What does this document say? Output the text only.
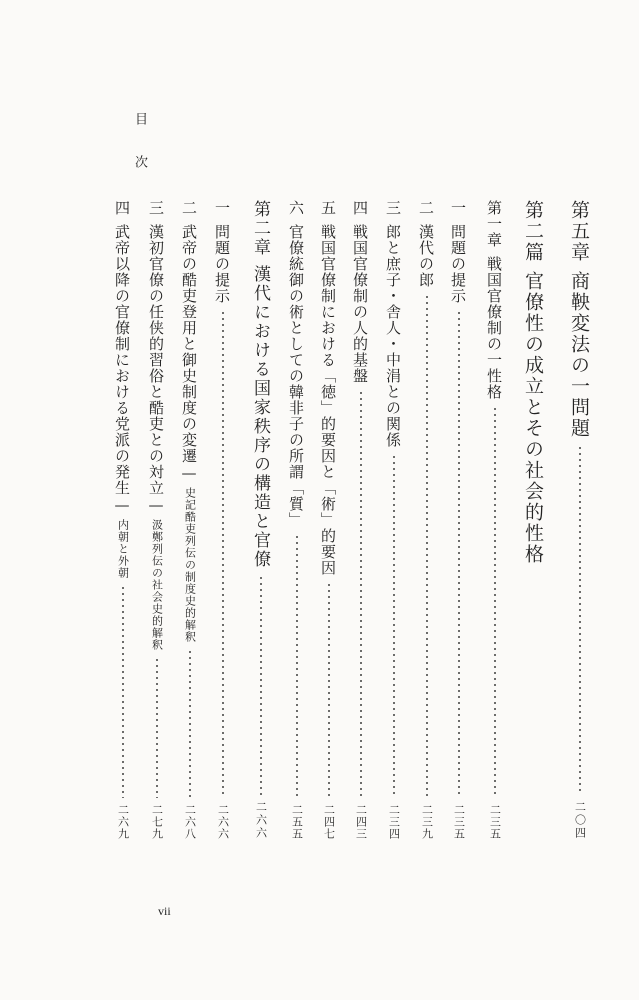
目次
第五章
商鞅変法の一問題
二〇四
第二篇
官僚性の成立とその社会的性格
第一章
戦国官僚制の一性格
二三五
一
問題の提示
二三五
二
漢代の郎
二三九
三
郎と庶子・舎人・中涓との関係
二三四
四
戦国官僚制の人的基盤
二四三
五
戦国官僚制における「徳」的要因と「術」的要因
二四七
六
官僚統御の術としての韓非子の所謂「質」
二五五
第二章
漢代における国家秩序の構造と官僚
二六六
一
問題の提示
二六六
二
武帝の酷吏登用と御史制度の変遷—
史記酷吏列伝の制度史的解釈
二六八
三
漢初官僚の任侠的習俗と酷吏との対立—
汲鄭列伝の社会史的解釈
二七九
四
武帝以降の官僚制における党派の発生—
内朝と外朝
二六九
vii
